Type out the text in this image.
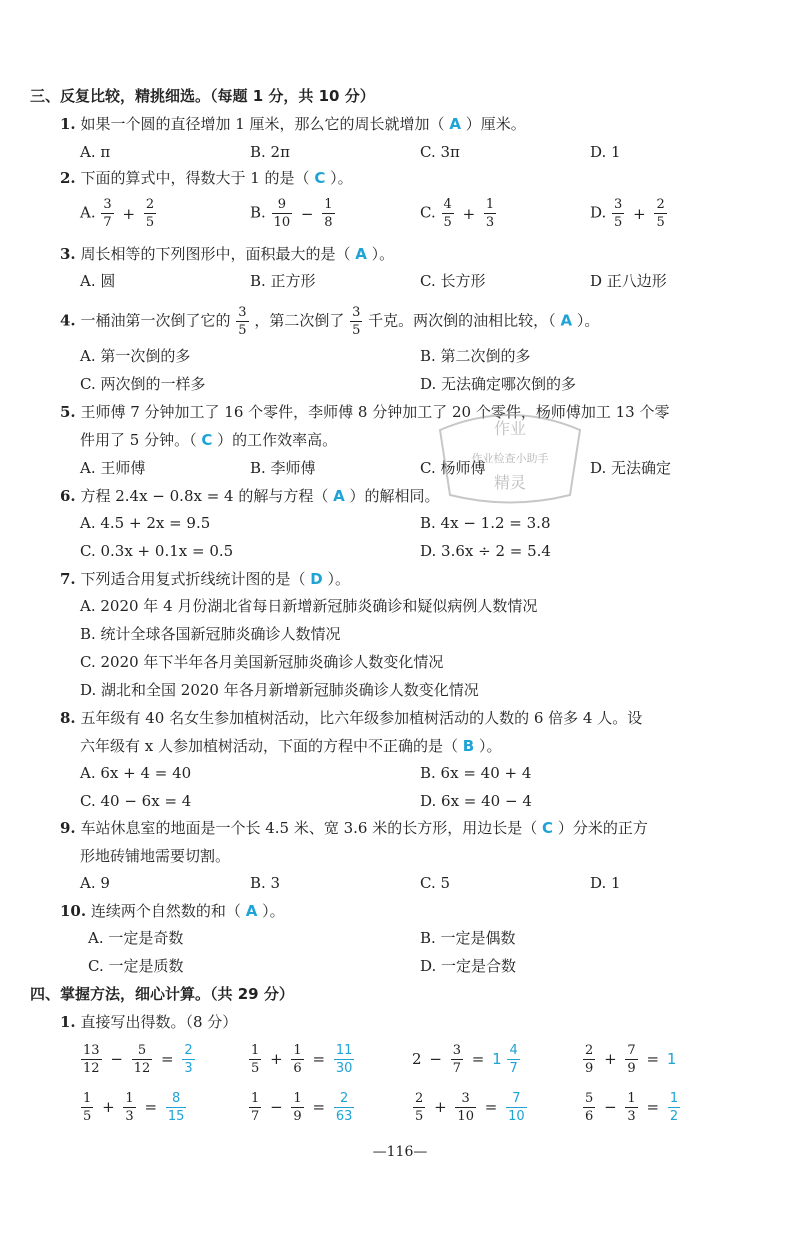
三、反复比较，精挑细选。（每题 1 分，共 10 分）
1. 如果一个圆的直径增加 1 厘米，那么它的周长就增加（ A ）厘米。
A. π	B. 2π	C. 3π	D. 1
2. 下面的算式中，得数大于 1 的是（ C ）。
A. $\frac{3}{7} + \frac{2}{5}$	B. $\frac{9}{10} - \frac{1}{8}$	C. $\frac{4}{5} + \frac{1}{3}$	D. $\frac{3}{5} + \frac{2}{5}$
3. 周长相等的下列图形中，面积最大的是（ A ）。
A. 圆	B. 正方形	C. 长方形	D 正八边形
4. 一桶油第一次倒了它的 $\frac{3}{5}$ ，第二次倒了 $\frac{3}{5}$ 千克。两次倒的油相比较，（ A ）。
A. 第一次倒的多	B. 第二次倒的多
C. 两次倒的一样多	D. 无法确定哪次倒的多
5. 王师傅 7 分钟加工了 16 个零件，李师傅 8 分钟加工了 20 个零件，杨师傅加工 13 个零
件用了 5 分钟。（ C ）的工作效率高。
A. 王师傅	B. 李师傅	C. 杨师傅	D. 无法确定
6. 方程 2.4x − 0.8x = 4 的解与方程（ A ）的解相同。
A. 4.5 + 2x = 9.5	B. 4x − 1.2 = 3.8
C. 0.3x + 0.1x = 0.5	D. 3.6x ÷ 2 = 5.4
7. 下列适合用复式折线统计图的是（ D ）。
A. 2020 年 4 月份湖北省每日新增新冠肺炎确诊和疑似病例人数情况
B. 统计全球各国新冠肺炎确诊人数情况
C. 2020 年下半年各月美国新冠肺炎确诊人数变化情况
D. 湖北和全国 2020 年各月新增新冠肺炎确诊人数变化情况
8. 五年级有 40 名女生参加植树活动，比六年级参加植树活动的人数的 6 倍多 4 人。设
六年级有 x 人参加植树活动，下面的方程中不正确的是（ B ）。
A. 6x + 4 = 40	B. 6x = 40 + 4
C. 40 − 6x = 4	D. 6x = 40 − 4
9. 车站休息室的地面是一个长 4.5 米、宽 3.6 米的长方形，用边长是（ C ）分米的正方
形地砖铺地需要切割。
A. 9	B. 3	C. 5	D. 1
10. 连续两个自然数的和（ A ）。
A. 一定是奇数	B. 一定是偶数
C. 一定是质数	D. 一定是合数
四、掌握方法，细心计算。（共 29 分）
1. 直接写出得数。（8 分）
$\frac{13}{12} - \frac{5}{12} = \frac{2}{3}$	$\frac{1}{5} + \frac{1}{6} = \frac{11}{30}$	$2 - \frac{3}{7} = 1 \frac{4}{7}$	$\frac{2}{9} + \frac{7}{9} = 1$
$\frac{1}{5} + \frac{1}{3} = \frac{8}{15}$	$\frac{1}{7} - \frac{1}{9} = \frac{2}{63}$	$\frac{2}{5} + \frac{3}{10} = \frac{7}{10}$	$\frac{5}{6} - \frac{1}{3} = \frac{1}{2}$
作业
作业检查小助手
精灵
—116—
